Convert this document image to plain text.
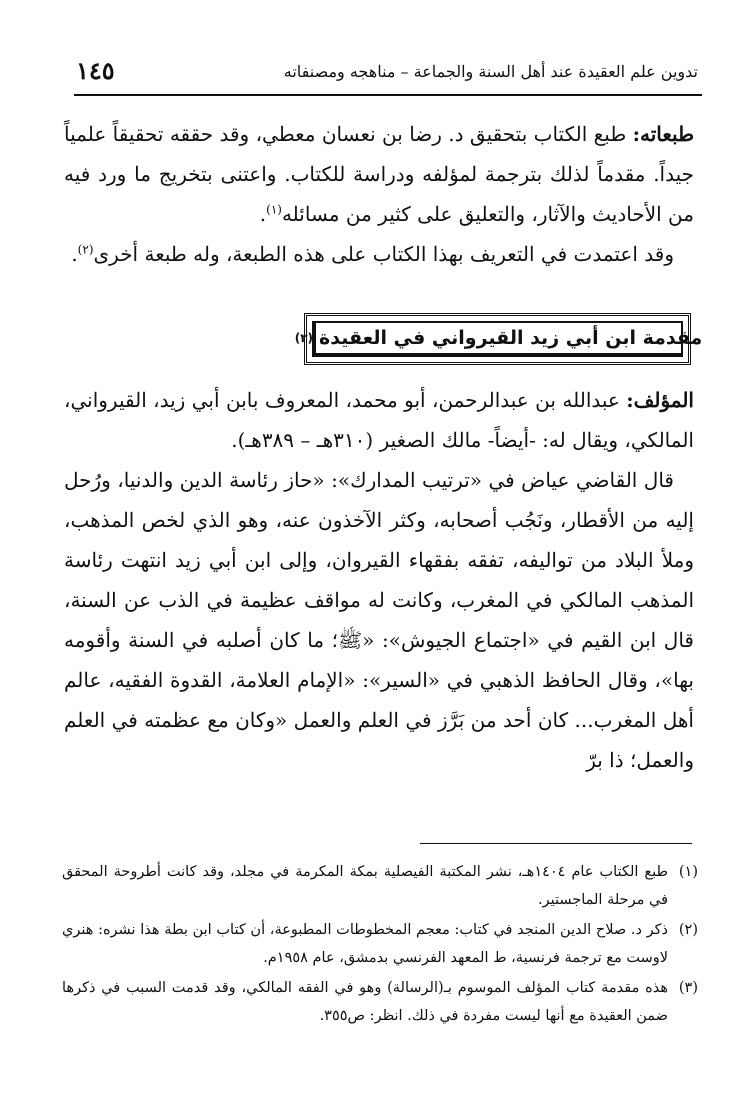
تدوين علم العقيدة عند أهل السنة والجماعة – مناهجه ومصنفاته
١٤٥

طبعاته: طبع الكتاب بتحقيق د. رضا بن نعسان معطي، وقد حققه تحقيقاً علمياً جيداً. مقدماً لذلك بترجمة لمؤلفه ودراسة للكتاب. واعتنى بتخريج ما ورد فيه من الأحاديث والآثار، والتعليق على كثير من مسائله$^{(١)}$.

وقد اعتمدت في التعريف بهذا الكتاب على هذه الطبعة، وله طبعة أخرى$^{(٢)}$.

مقدمة ابن أبي زيد القيرواني في العقيدة
(٣)

المؤلف: عبدالله بن عبدالرحمن، أبو محمد، المعروف بابن أبي زيد، القيرواني، المالكي، ويقال له: -أيضاً- مالك الصغير (٣١٠هـ – ٣٨٩هـ).

قال القاضي عياض في «ترتيب المدارك»: «حاز رئاسة الدين والدنيا، ورُحل إليه من الأقطار، ونَجُب أصحابه، وكثر الآخذون عنه، وهو الذي لخص المذهب، وملأ البلاد من تواليفه، تفقه بفقهاء القيروان، وإلى ابن أبي زيد انتهت رئاسة المذهب المالكي في المغرب، وكانت له مواقف عظيمة في الذب عن السنة، قال ابن القيم في «اجتماع الجيوش»: «ﷺ؛ ما كان أصلبه في السنة وأقومه بها»، وقال الحافظ الذهبي في «السير»: «الإمام العلامة، القدوة الفقيه، عالم أهل المغرب... كان أحد من بَرَّز في العلم والعمل «وكان مع عظمته في العلم والعمل؛ ذا برّ

(١)
طبع الكتاب عام ١٤٠٤هـ، نشر المكتبة الفيصلية بمكة المكرمة في مجلد، وقد كانت أطروحة المحقق في مرحلة الماجستير.
(٢)
ذكر د. صلاح الدين المنجد في كتاب: معجم المخطوطات المطبوعة، أن كتاب ابن بطة هذا نشره: هنري لاوست مع ترجمة فرنسية، ط المعهد الفرنسي بدمشق، عام ١٩٥٨م.
(٣)
هذه مقدمة كتاب المؤلف الموسوم بـ(الرسالة) وهو في الفقه المالكي، وقد قدمت السبب في ذكرها ضمن العقيدة مع أنها ليست مفردة في ذلك. انظر: ص٣٥٥.
